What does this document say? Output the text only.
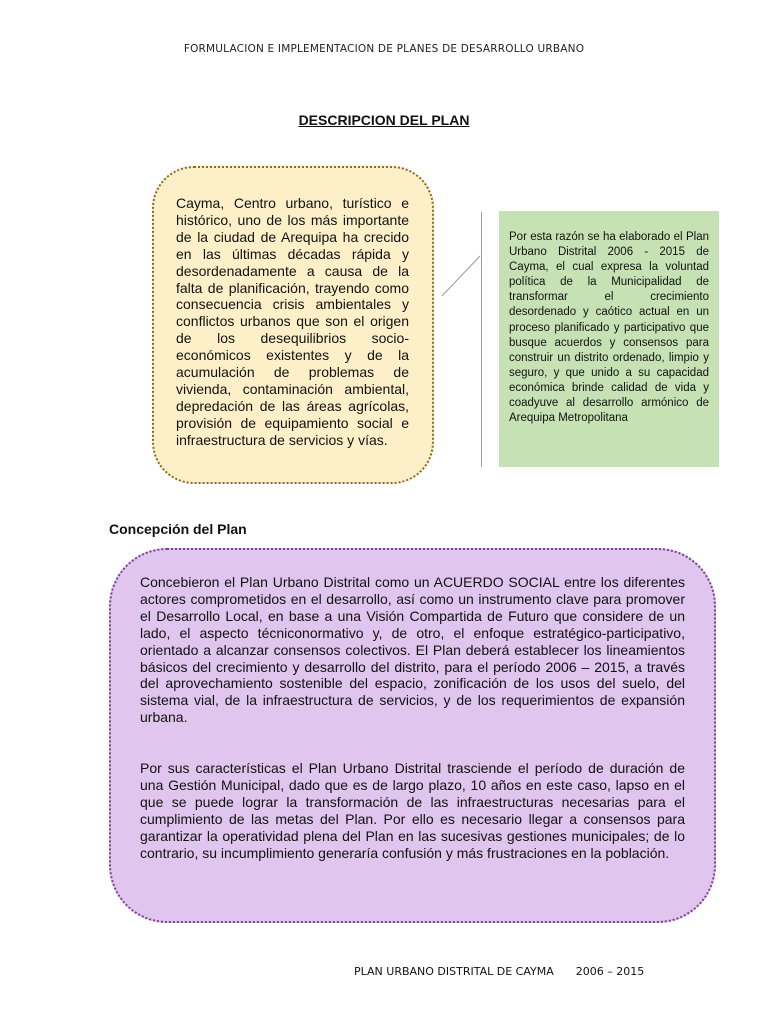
FORMULACION E IMPLEMENTACION DE PLANES DE DESARROLLO URBANO
DESCRIPCION DEL PLAN
Cayma, Centro urbano, turístico e histórico, uno de los más importante de la ciudad de Arequipa ha crecido en las últimas décadas rápida y desordenadamente a causa de la falta de planificación, trayendo como consecuencia crisis ambientales y conflictos urbanos que son el origen de los desequilibrios socio-económicos existentes y de la acumulación de problemas de vivienda, contaminación ambiental, depredación de las áreas agrícolas, provisión de equipamiento social e infraestructura de servicios y vías.
Por esta razón se ha elaborado el Plan Urbano Distrital 2006 - 2015 de Cayma, el cual expresa la voluntad política de la Municipalidad de transformar el crecimiento desordenado y caótico actual en un proceso planificado y participativo que busque acuerdos y consensos para construir un distrito ordenado, limpio y seguro, y que unido a su capacidad económica brinde calidad de vida y coadyuve al desarrollo armónico de Arequipa Metropolitana
Concepción del Plan
Concebieron el Plan Urbano Distrital como un ACUERDO SOCIAL entre los diferentes actores comprometidos en el desarrollo, así como un instrumento clave para promover el Desarrollo Local, en base a una Visión Compartida de Futuro que considere de un lado, el aspecto técniconormativo y, de otro, el enfoque estratégico-participativo, orientado a alcanzar consensos colectivos. El Plan deberá establecer los lineamientos básicos del crecimiento y desarrollo del distrito, para el período 2006 – 2015, a través del aprovechamiento sostenible del espacio, zonificación de los usos del suelo, del sistema vial, de la infraestructura de servicios, y de los requerimientos de expansión urbana.
Por sus características el Plan Urbano Distrital trasciende el período de duración de una Gestión Municipal, dado que es de largo plazo, 10 años en este caso, lapso en el que se puede lograr la transformación de las infraestructuras necesarias para el cumplimiento de las metas del Plan. Por ello es necesario llegar a consensos para garantizar la operatividad plena del Plan en las sucesivas gestiones municipales; de lo contrario, su incumplimiento generaría confusión y más frustraciones en la población.
PLAN URBANO DISTRITAL DE CAYMA 2006 – 2015
